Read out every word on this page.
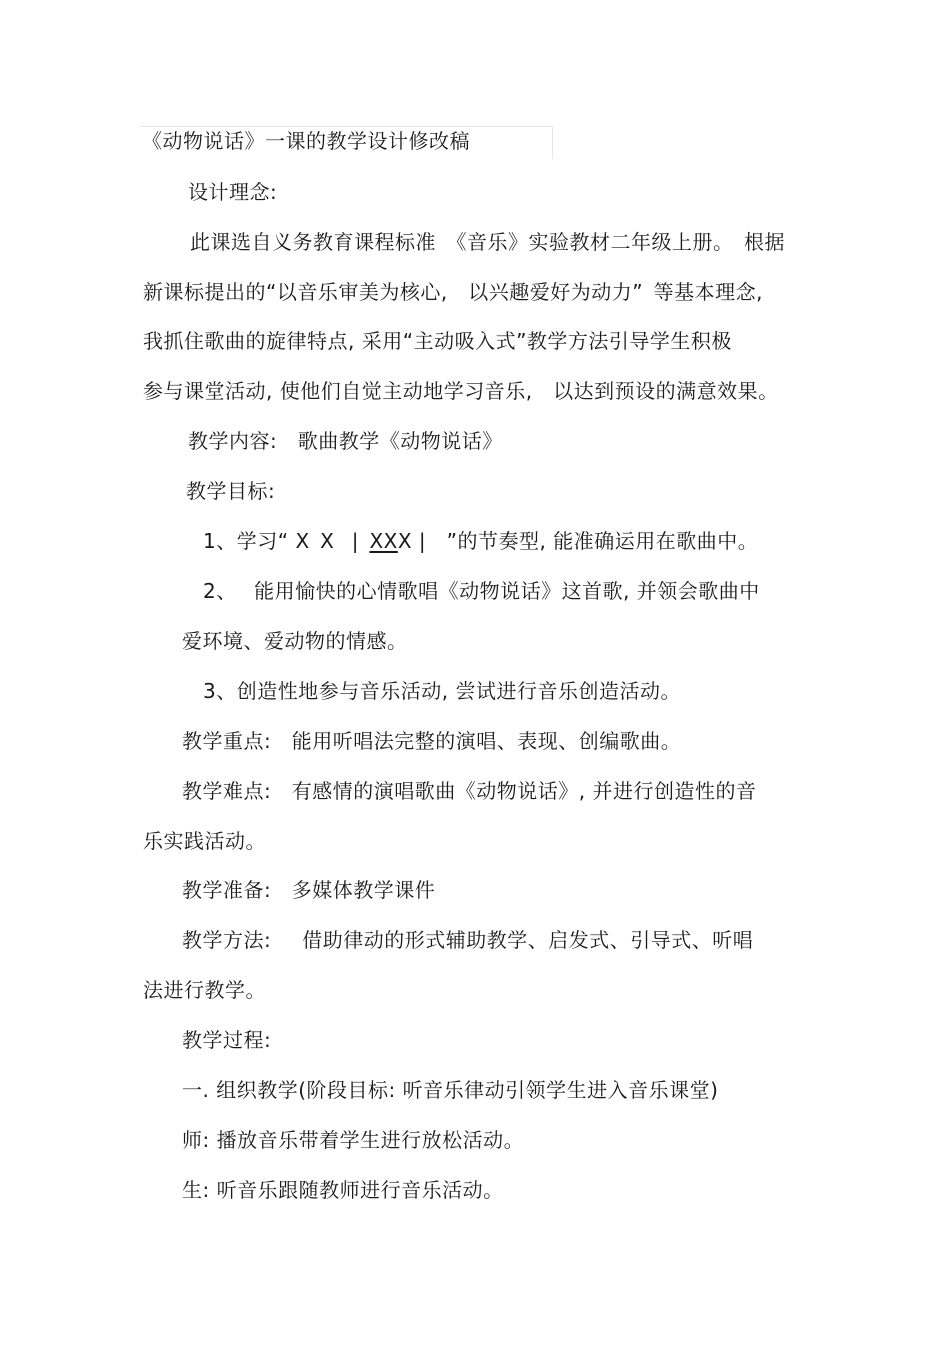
《动物说话》一课的教学设计修改稿
设计理念:
此课选自义务教育课程标准　《音乐》实验教材二年级上册。 根据
新课标提出的“以音乐审美为核心,　以兴趣爱好为动力” 等基本理念,
我抓住歌曲的旋律特点, 采用“主动吸入式”教学方法引导学生积极
参与课堂活动, 使他们自觉主动地学习音乐,　以达到预设的满意效果。
教学内容:  歌曲教学《动物说话》
教学目标:
1、学习“ X X  | XXX |　”的节奏型, 能准确运用在歌曲中。
2、  能用愉快的心情歌唱《动物说话》这首歌, 并领会歌曲中
爱环境、爱动物的情感。
3、创造性地参与音乐活动, 尝试进行音乐创造活动。
教学重点:  能用听唱法完整的演唱、表现、创编歌曲。
教学难点:  有感情的演唱歌曲《动物说话》, 并进行创造性的音
乐实践活动。
教学准备:  多媒体教学课件
教学方法:   借助律动的形式辅助教学、启发式、引导式、听唱
法进行教学。
教学过程:
一. 组织教学(阶段目标: 听音乐律动引领学生进入音乐课堂)
师: 播放音乐带着学生进行放松活动。
生: 听音乐跟随教师进行音乐活动。
